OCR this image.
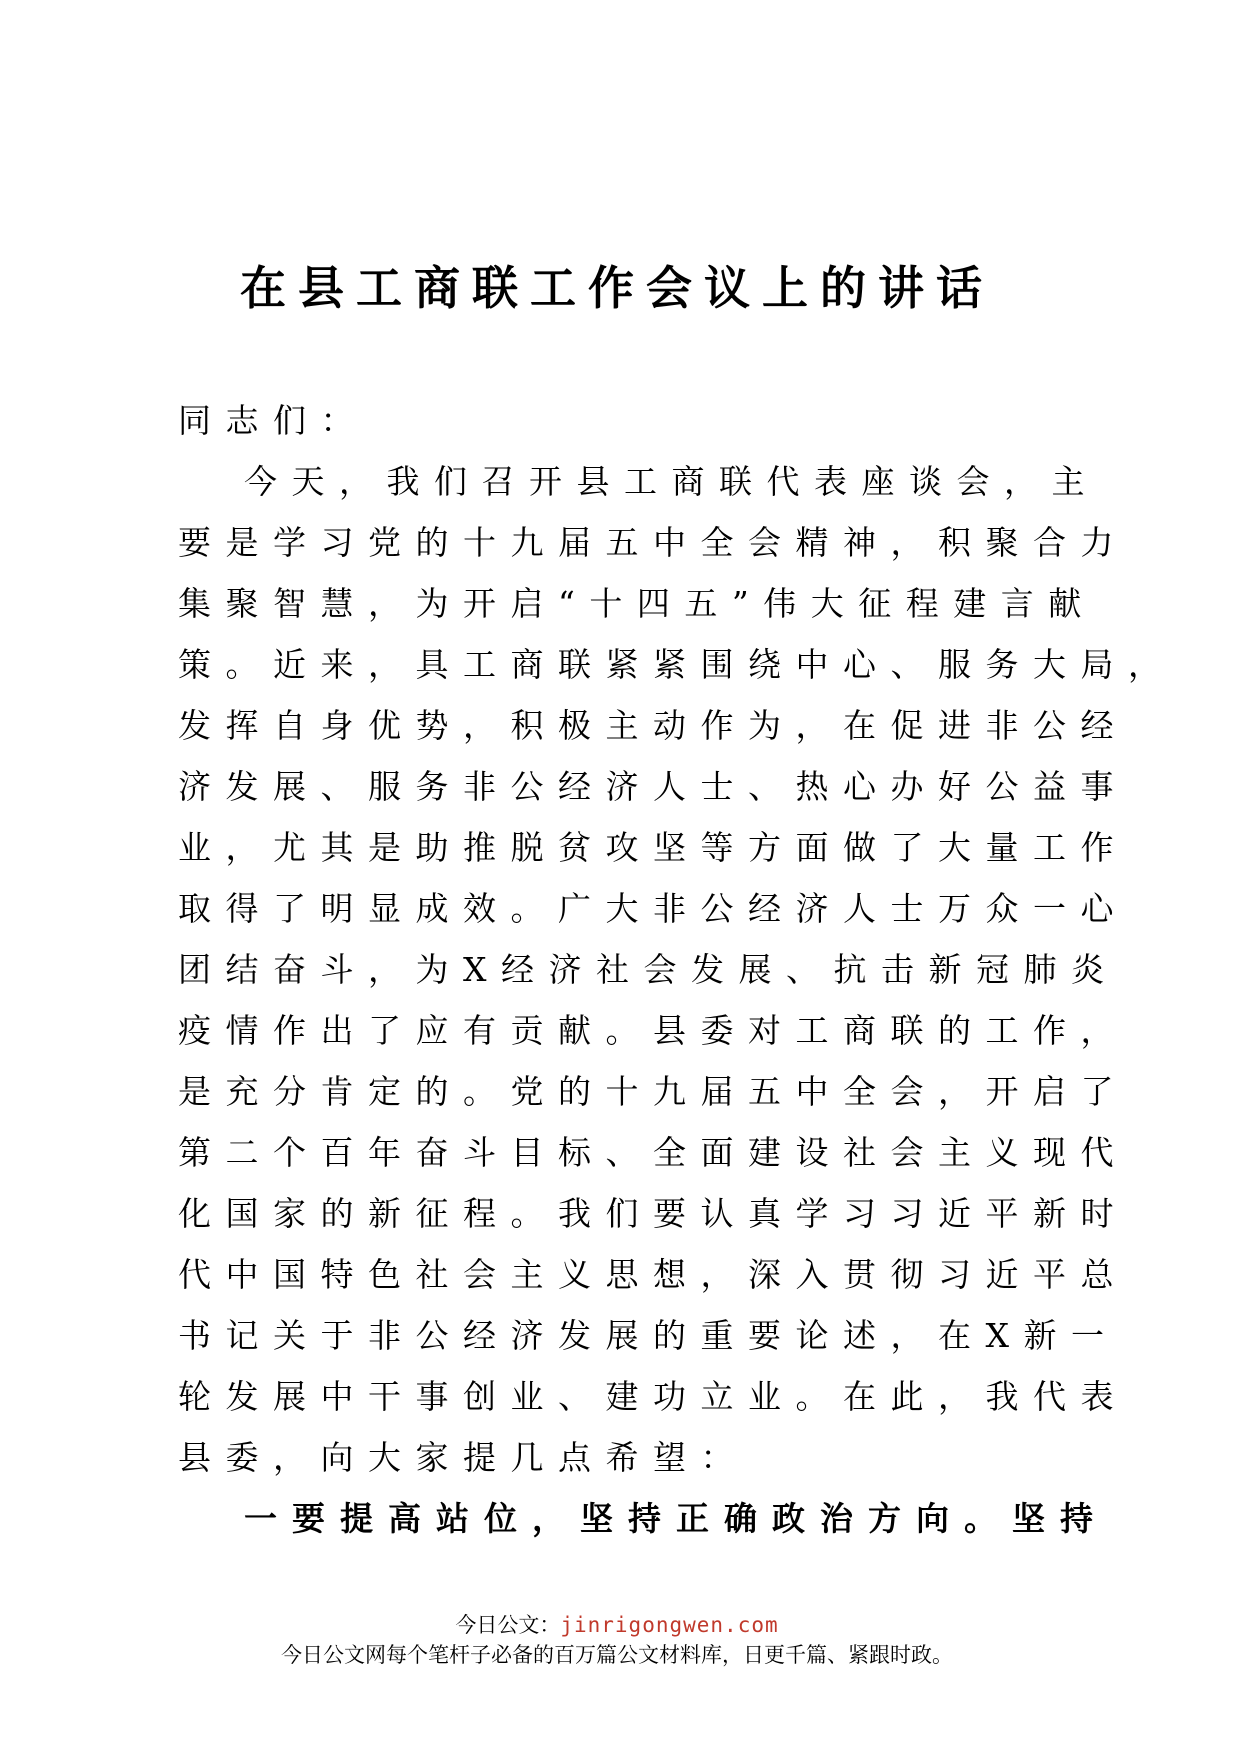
在县工商联工作会议上的讲话
同志们：
今天，我们召开县工商联代表座谈会，主
要是学习党的十九届五中全会精神，积聚合力
集聚智慧，为开启“十四五”伟大征程建言献
策。近来，具工商联紧紧围绕中心、服务大局，
发挥自身优势，积极主动作为，在促进非公经
济发展、服务非公经济人士、热心办好公益事
业，尤其是助推脱贫攻坚等方面做了大量工作
取得了明显成效。广大非公经济人士万众一心
团结奋斗，为X经济社会发展、抗击新冠肺炎
疫情作出了应有贡献。县委对工商联的工作，
是充分肯定的。党的十九届五中全会，开启了
第二个百年奋斗目标、全面建设社会主义现代
化国家的新征程。我们要认真学习习近平新时
代中国特色社会主义思想，深入贯彻习近平总
书记关于非公经济发展的重要论述，在X新一
轮发展中干事创业、建功立业。在此，我代表
县委，向大家提几点希望：
一要提高站位，坚持正确政治方向。坚持
今日公文：jinrigongwen.com
今日公文网每个笔杆子必备的百万篇公文材料库，日更千篇、紧跟时政。
